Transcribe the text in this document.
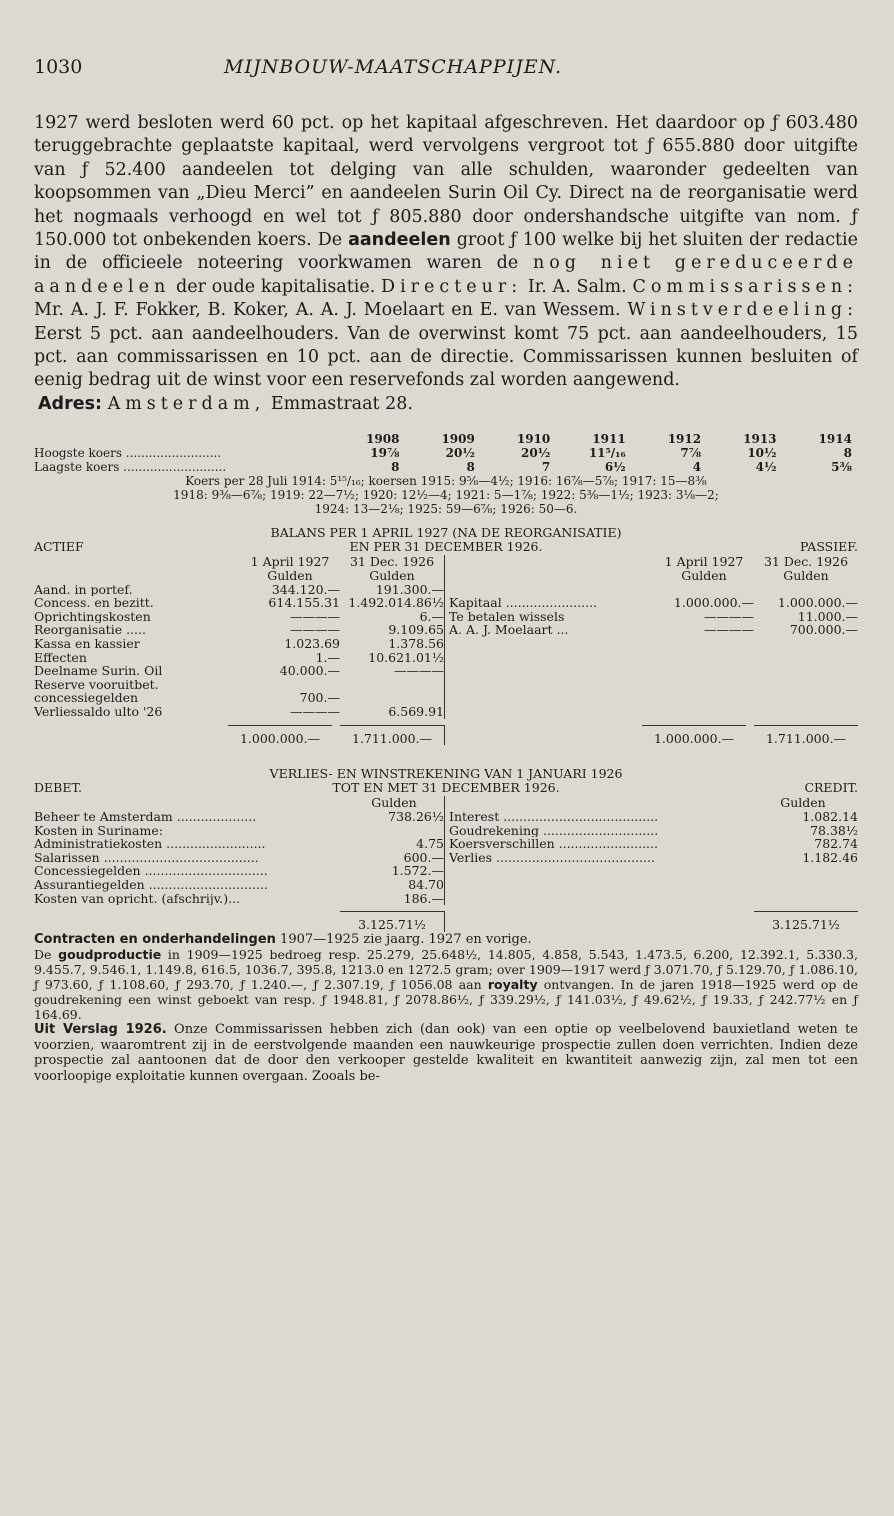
1030	MIJNBOUW-MAATSCHAPPIJEN.

1927 werd besloten werd 60 pct. op het kapitaal afgeschreven. Het daardoor op ƒ 603.480 teruggebrachte geplaatste kapitaal, werd vervolgens vergroot tot ƒ 655.880 door uitgifte van ƒ 52.400 aandeelen tot delging van alle schulden, waaronder gedeelten van koopsommen van „Dieu Merci” en aandeelen Surin Oil Cy. Direct na de reorganisatie werd het nogmaals verhoogd en wel tot ƒ 805.880 door ondershandsche uitgifte van nom. ƒ 150.000 tot onbekenden koers. De aandeelen groot ƒ 100 welke bij het sluiten der redactie in de officieele noteering voorkwamen waren de nog niet gereduceerde aandeelen der oude kapitalisatie. Directeur: Ir. A. Salm. Commissarissen: Mr. A. J. F. Fokker, B. Koker, A. A. J. Moelaart en E. van Wessem. Winstverdeeling: Eerst 5 pct. aan aandeelhouders. Van de overwinst komt 75 pct. aan aandeelhouders, 15 pct. aan commissarissen en 10 pct. aan de directie. Commissarissen kunnen besluiten of eenig bedrag uit de winst voor een reservefonds zal worden aangewend.

Adres: Amsterdam, Emmastraat 28.

1908	1909	1910	1911	1912	1913	1914
Hoogste koers .........................	19⅞	20½	20½	11⁵/₁₆	7⅞	10½	8
Laagste koers ...........................	8	8	7	6½	4	4½	5⅜
Koers per 28 Juli 1914: 5¹⁵/₁₆; koersen 1915: 9⅝—4½; 1916: 16⅞—5⅞; 1917: 15—8⅜
1918: 9⅜—6⅞; 1919: 22—7½; 1920: 12½—4; 1921: 5—1⅞; 1922: 5⅜—1½; 1923: 3⅛—2;
1924: 13—2⅛; 1925: 59—6⅞; 1926: 50—6.
BALANS PER 1 APRIL 1927 (NA DE REORGANISATIE)
ACTIEF	EN PER 31 DECEMBER 1926.	PASSIEF.
1 April 1927	31 Dec. 1926
Gulden	Gulden
Aand. in portef.	344.120.—	191.300.—
Concess. en bezitt.	614.155.31 1.492.014.86½
Oprichtingskosten	————	6.—
Reorganisatie .....	————	9.109.65
Kassa en kassier	1.023.69	1.378.56
Effecten	1.—	10.621.01½
Deelname Surin. Oil	40.000.—	————
Reserve vooruitbet.
concessiegelden	700.—
Verliessaldo ulto '26	————	6.569.91
1 April 1927	31 Dec. 1926
Gulden	Gulden
Kapitaal .......................	1.000.000.—	1.000.000.—
Te betalen wissels	————	11.000.—
A. A. J. Moelaart ...	————	700.000.—
1.000.000.—	1.711.000.—	1.000.000.—	1.711.000.—
VERLIES- EN WINSTREKENING VAN 1 JANUARI 1926
DEBET.	TOT EN MET 31 DECEMBER 1926.	CREDIT.
Gulden
Beheer te Amsterdam ....................	738.26½
Kosten in Suriname:
Administratiekosten .........................	4.75
Salarissen .......................................	600.—
Concessiegelden ...............................	1.572.—
Assurantiegelden ..............................	84.70
Kosten van opricht. (afschrijv.)...	186.—
Gulden
Interest .......................................	1.082.14
Goudrekening .............................	78.38½
Koersverschillen .........................	782.74
Verlies ........................................	1.182.46
3.125.71½	3.125.71½

Contracten en onderhandelingen 1907—1925 zie jaarg. 1927 en vorige.

De goudproductie in 1909—1925 bedroeg resp. 25.279, 25.648½, 14.805, 4.858, 5.543, 1.473.5, 6.200, 12.392.1, 5.330.3, 9.455.7, 9.546.1, 1.149.8, 616.5, 1036.7, 395.8, 1213.0 en 1272.5 gram; over 1909—1917 werd ƒ 3.071.70, ƒ 5.129.70, ƒ 1.086.10, ƒ 973.60, ƒ 1.108.60, ƒ 293.70, ƒ 1.240.—, ƒ 2.307.19, ƒ 1056.08 aan royalty ontvangen. In de jaren 1918—1925 werd op de goudrekening een winst geboekt van resp. ƒ 1948.81, ƒ 2078.86½, ƒ 339.29½, ƒ 141.03½, ƒ 49.62½, ƒ 19.33, ƒ 242.77½ en ƒ 164.69.

Uit Verslag 1926. Onze Commissarissen hebben zich (dan ook) van een optie op veelbelovend bauxietland weten te voorzien, waaromtrent zij in de eerstvolgende maanden een nauwkeurige prospectie zullen doen verrichten. Indien deze prospectie zal aantoonen dat de door den verkooper gestelde kwaliteit en kwantiteit aanwezig zijn, zal men tot een voorloopige exploitatie kunnen overgaan. Zooals be-
